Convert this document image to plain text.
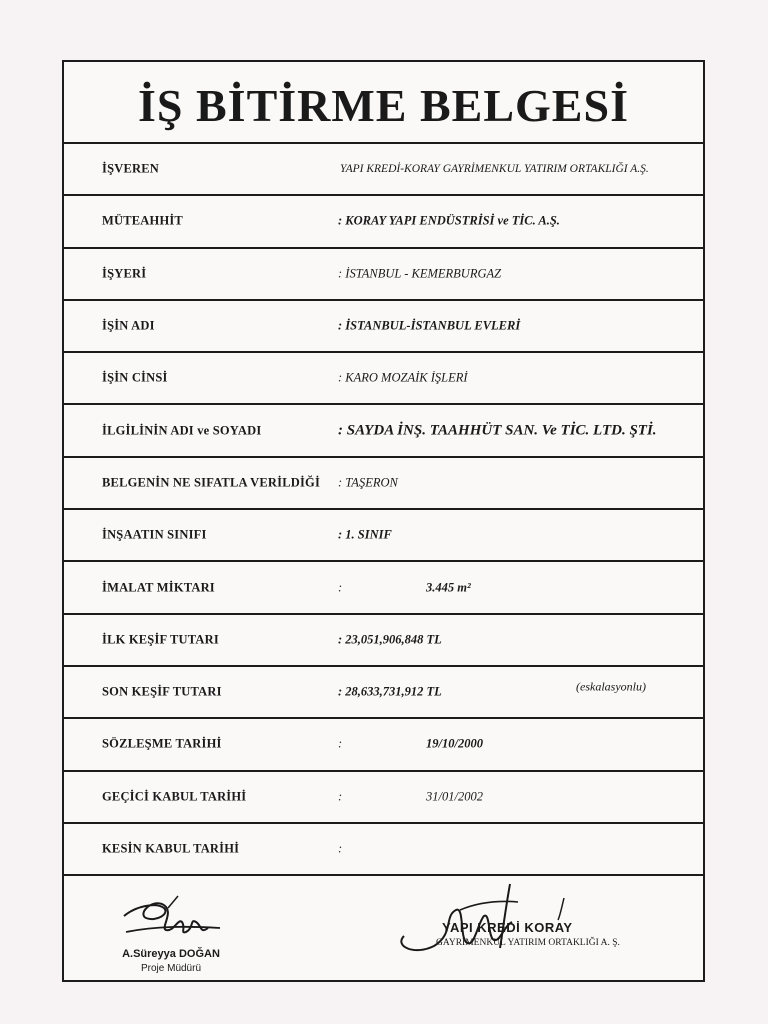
İŞ BİTİRME BELGESİ
İŞVEREN	YAPI KREDİ-KORAY GAYRİMENKUL YATIRIM ORTAKLIĞI A.Ş.
MÜTEAHHİT	: KORAY YAPI ENDÜSTRİSİ ve TİC. A.Ş.
İŞYERİ	: İSTANBUL - KEMERBURGAZ
İŞİN ADI	: İSTANBUL-İSTANBUL EVLERİ
İŞİN CİNSİ	: KARO MOZAİK İŞLERİ
İLGİLİNİN ADI ve SOYADI	: SAYDA İNŞ. TAAHHÜT SAN. Ve TİC. LTD. ŞTİ.
BELGENİN NE SIFATLA VERİLDİĞİ : TAŞERON
İNŞAATIN SINIFI	: 1. SINIF
İMALAT MİKTARI	:	3.445 m²
İLK KEŞİF TUTARI	: 23,051,906,848 TL
SON KEŞİF TUTARI	: 28,633,731,912 TL	(eskalasyonlu)
SÖZLEŞME TARİHİ	:	19/10/2000
GEÇİCİ KABUL TARİHİ	:	31/01/2002
KESİN KABUL TARİHİ	:
A.Süreyya DOĞAN
Proje Müdürü
YAPI KREDİ KORAY
GAYRİMENKUL YATIRIM ORTAKLIĞI A. Ş.
